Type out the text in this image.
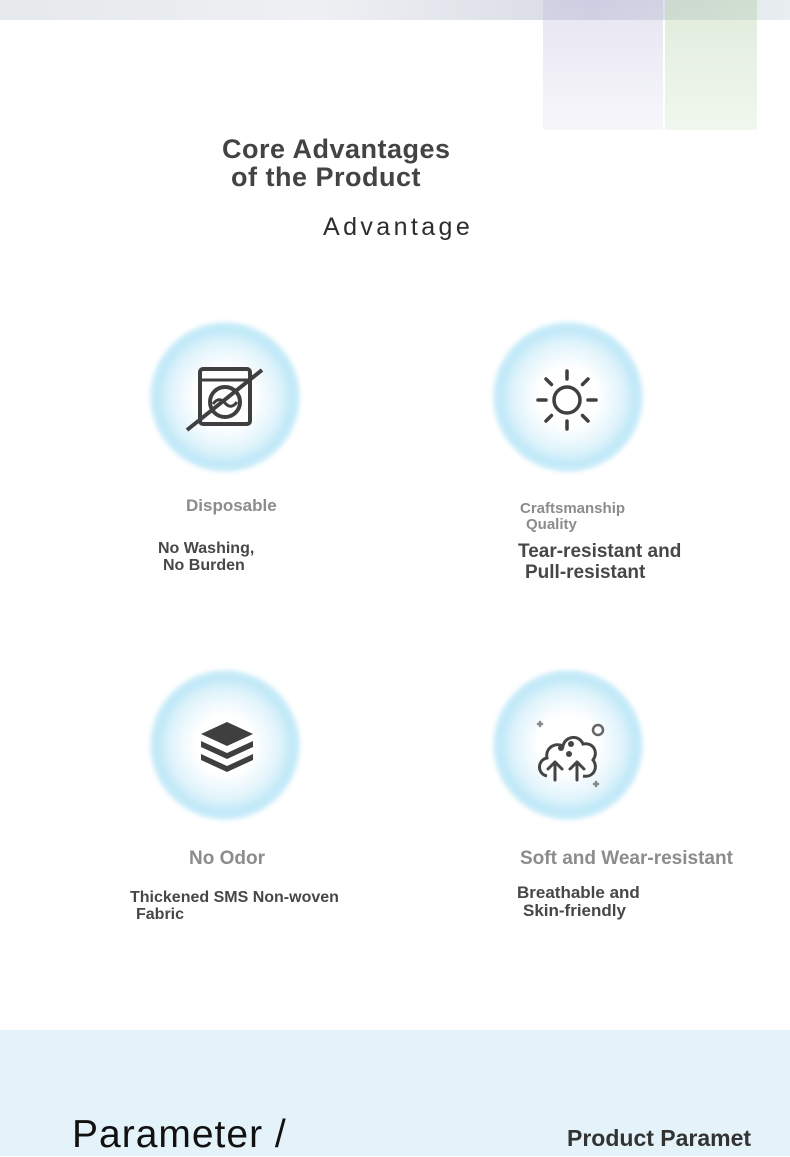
Core Advantages
of the Product
Advantage
Disposable
No Washing,
No Burden
Craftsmanship
Quality
Tear-resistant and
Pull-resistant
No Odor
Thickened SMS Non-woven
Fabric
Soft and Wear-resistant
Breathable and
Skin-friendly
Parameter /	Product Paramet
